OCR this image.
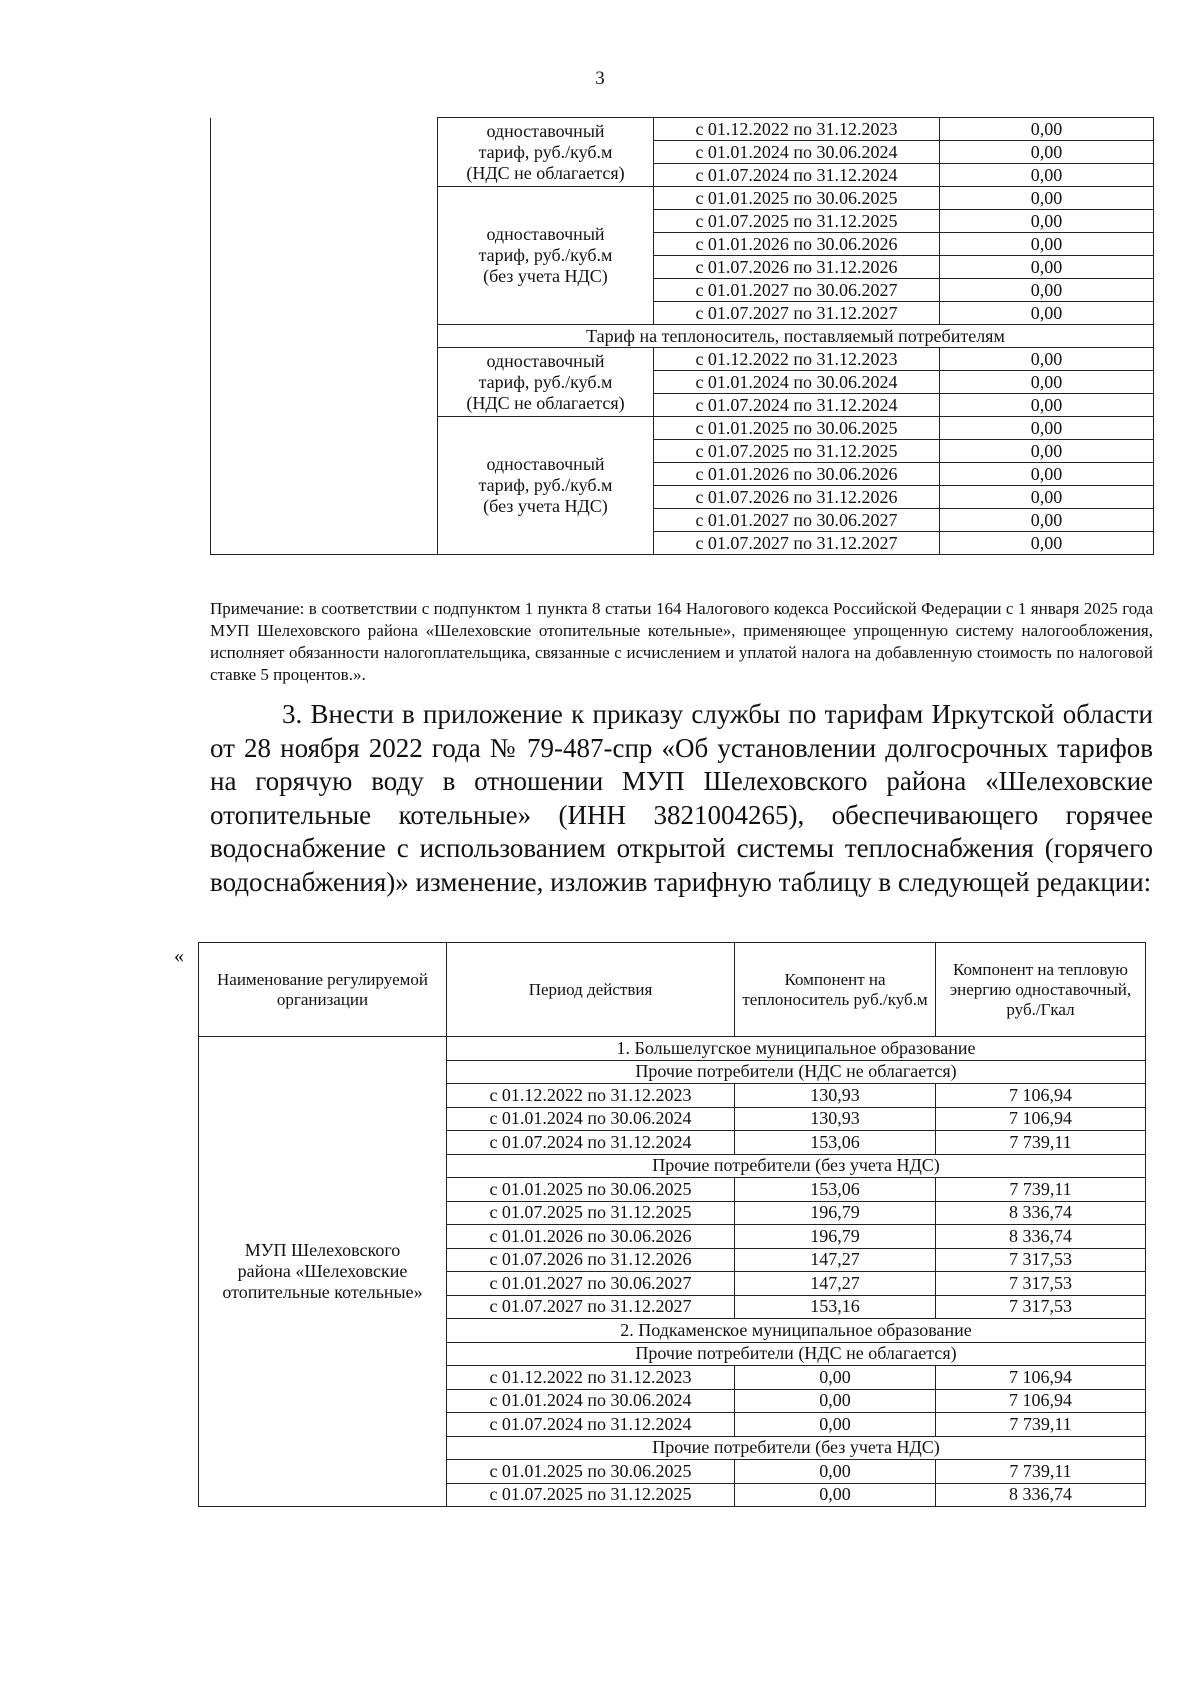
3
	одноставочный
тариф, руб./куб.м
(НДС не облагается)	с 01.12.2022 по 31.12.2023	0,00
		с 01.01.2024 по 30.06.2024	0,00
		с 01.07.2024 по 31.12.2024	0,00
	одноставочный
тариф, руб./куб.м
(без учета НДС)	с 01.01.2025 по 30.06.2025	0,00
		с 01.07.2025 по 31.12.2025	0,00
		с 01.01.2026 по 30.06.2026	0,00
		с 01.07.2026 по 31.12.2026	0,00
		с 01.01.2027 по 30.06.2027	0,00
		с 01.07.2027 по 31.12.2027	0,00
	Тариф на теплоноситель, поставляемый потребителям		
	одноставочный
тариф, руб./куб.м
(НДС не облагается)	с 01.12.2022 по 31.12.2023	0,00
		с 01.01.2024 по 30.06.2024	0,00
		с 01.07.2024 по 31.12.2024	0,00
	одноставочный
тариф, руб./куб.м
(без учета НДС)	с 01.01.2025 по 30.06.2025	0,00
		с 01.07.2025 по 31.12.2025	0,00
		с 01.01.2026 по 30.06.2026	0,00
		с 01.07.2026 по 31.12.2026	0,00
		с 01.01.2027 по 30.06.2027	0,00
		с 01.07.2027 по 31.12.2027	0,00
Примечание: в соответствии с подпунктом 1 пункта 8 статьи 164 Налогового кодекса Российской Федерации с 1 января 2025 года МУП Шелеховского района «Шелеховские отопительные котельные», применяющее упрощенную систему налогообложения, исполняет обязанности налогоплательщика, связанные с исчислением и уплатой налога на добавленную стоимость по налоговой ставке 5 процентов.».

3. Внести в приложение к приказу службы по тарифам Иркутской области от 28 ноября 2022 года № 79-487-спр «Об установлении долгосрочных тарифов на горячую воду в отношении МУП Шелеховского района «Шелеховские отопительные котельные» (ИНН 3821004265), обеспечивающего горячее водоснабжение с использованием открытой системы теплоснабжения (горячего водоснабжения)» изменение, изложив тарифную таблицу в следующей редакции:

«
Наименование регулируемой организации	Период действия	Компонент на теплоноситель руб./куб.м	Компонент на тепловую энергию одноставочный, руб./Гкал
МУП Шелеховского района «Шелеховские отопительные котельные»	1. Большелугское муниципальное образование		
	Прочие потребители (НДС не облагается)		
	с 01.12.2022 по 31.12.2023	130,93	7 106,94
	с 01.01.2024 по 30.06.2024	130,93	7 106,94
	с 01.07.2024 по 31.12.2024	153,06	7 739,11
	Прочие потребители (без учета НДС)		
	с 01.01.2025 по 30.06.2025	153,06	7 739,11
	с 01.07.2025 по 31.12.2025	196,79	8 336,74
	с 01.01.2026 по 30.06.2026	196,79	8 336,74
	с 01.07.2026 по 31.12.2026	147,27	7 317,53
	с 01.01.2027 по 30.06.2027	147,27	7 317,53
	с 01.07.2027 по 31.12.2027	153,16	7 317,53
	2. Подкаменское муниципальное образование		
	Прочие потребители (НДС не облагается)		
	с 01.12.2022 по 31.12.2023	0,00	7 106,94
	с 01.01.2024 по 30.06.2024	0,00	7 106,94
	с 01.07.2024 по 31.12.2024	0,00	7 739,11
	Прочие потребители (без учета НДС)		
	с 01.01.2025 по 30.06.2025	0,00	7 739,11
	с 01.07.2025 по 31.12.2025	0,00	8 336,74
